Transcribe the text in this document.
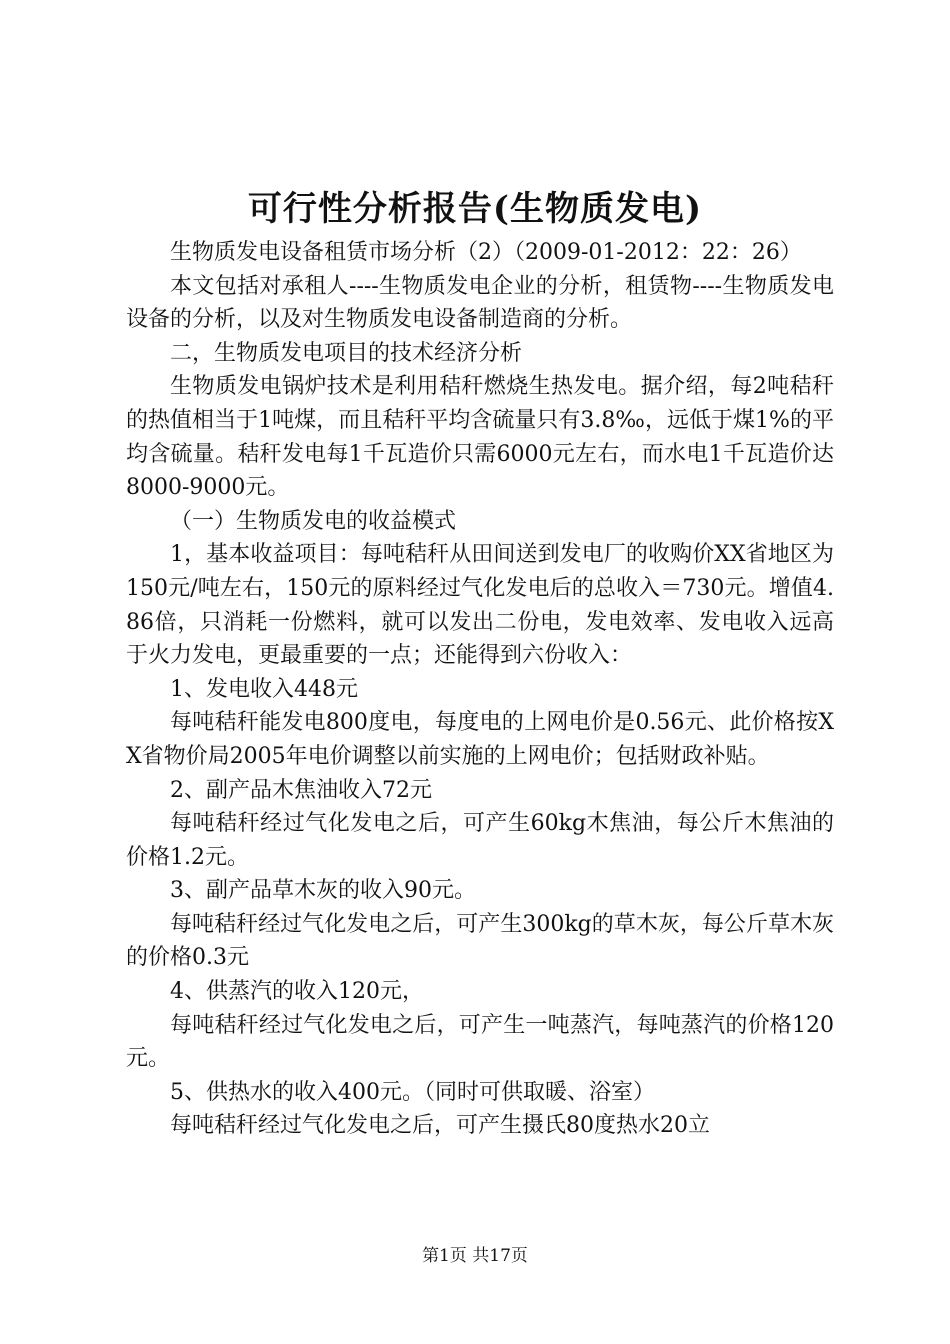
可行性分析报告(生物质发电)

生物质发电设备租赁市场分析（2）（2009-01-2012：22：26）

本文包括对承租人----生物质发电企业的分析，租赁物----生物质发电设备的分析，以及对生物质发电设备制造商的分析。

二，生物质发电项目的技术经济分析

生物质发电锅炉技术是利用秸秆燃烧生热发电。据介绍，每2吨秸秆的热值相当于1吨煤，而且秸秆平均含硫量只有3.8‰，远低于煤1%的平均含硫量。秸秆发电每1千瓦造价只需6000元左右，而水电1千瓦造价达8000-9000元。

（一）生物质发电的收益模式

1，基本收益项目：每吨秸秆从田间送到发电厂的收购价XX省地区为150元/吨左右，150元的原料经过气化发电后的总收入＝730元。增值4.86倍，只消耗一份燃料，就可以发出二份电，发电效率、发电收入远高于火力发电，更最重要的一点；还能得到六份收入：

1、发电收入448元

每吨秸秆能发电800度电，每度电的上网电价是0.56元、此价格按XX省物价局2005年电价调整以前实施的上网电价；包括财政补贴。

2、副产品木焦油收入72元

每吨秸秆经过气化发电之后，可产生60kg木焦油，每公斤木焦油的价格1.2元。

3、副产品草木灰的收入90元。

每吨秸秆经过气化发电之后，可产生300kg的草木灰，每公斤草木灰的价格0.3元

4、供蒸汽的收入120元，

每吨秸秆经过气化发电之后，可产生一吨蒸汽，每吨蒸汽的价格120元。

5、供热水的收入400元。（同时可供取暖、浴室）

每吨秸秆经过气化发电之后，可产生摄氏80度热水20立

第1页 共17页
